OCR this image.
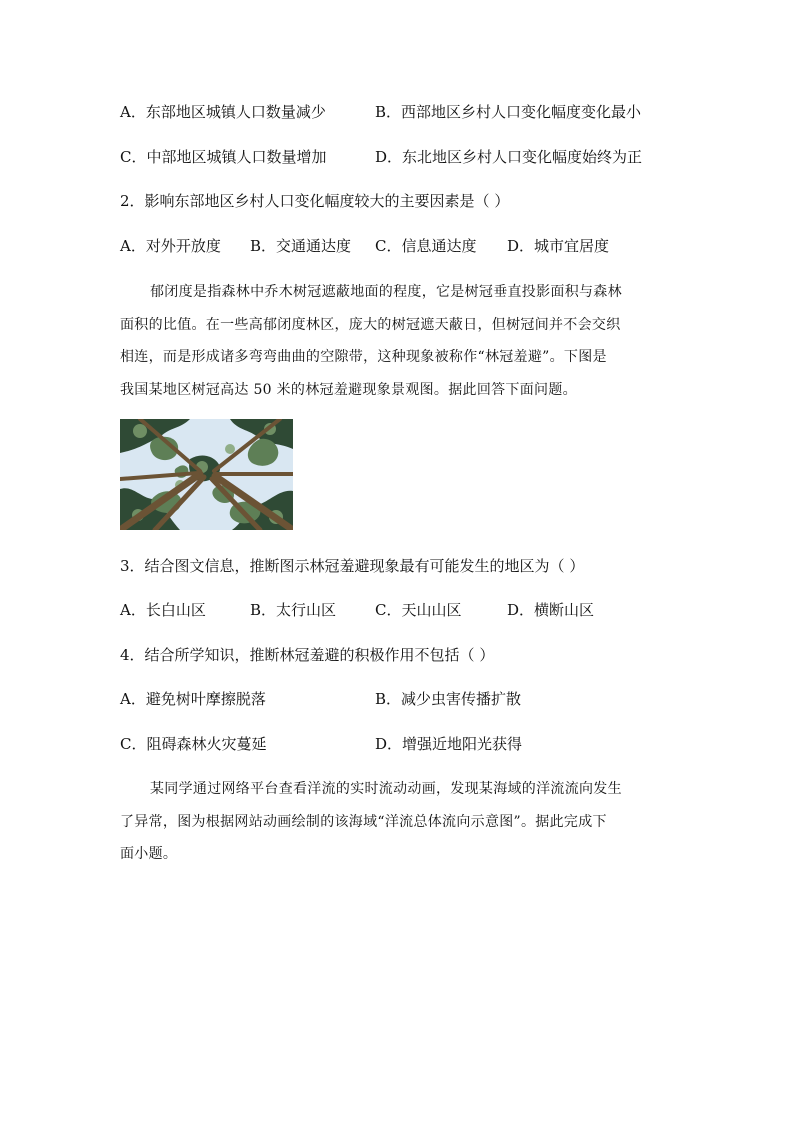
A．东部地区城镇人口数量减少	B．西部地区乡村人口变化幅度变化最小
C．中部地区城镇人口数量增加	D．东北地区乡村人口变化幅度始终为正
2．影响东部地区乡村人口变化幅度较大的主要因素是（ ）
A．对外开放度 B．交通通达度 C．信息通达度 D．城市宜居度
郁闭度是指森林中乔木树冠遮蔽地面的程度，它是树冠垂直投影面积与森林
面积的比值。在一些高郁闭度林区，庞大的树冠遮天蔽日，但树冠间并不会交织
相连，而是形成诸多弯弯曲曲的空隙带，这种现象被称作“林冠羞避”。下图是
我国某地区树冠高达 50 米的林冠羞避现象景观图。据此回答下面问题。
3．结合图文信息，推断图示林冠羞避现象最有可能发生的地区为（ ）
A．长白山区	B．太行山区	C．天山山区	D．横断山区
4．结合所学知识，推断林冠羞避的积极作用不包括（ ）
A．避免树叶摩擦脱落	B．减少虫害传播扩散
C．阻碍森林火灾蔓延	D．增强近地阳光获得
某同学通过网络平台查看洋流的实时流动动画，发现某海域的洋流流向发生
了异常，图为根据网站动画绘制的该海域“洋流总体流向示意图”。据此完成下
面小题。
